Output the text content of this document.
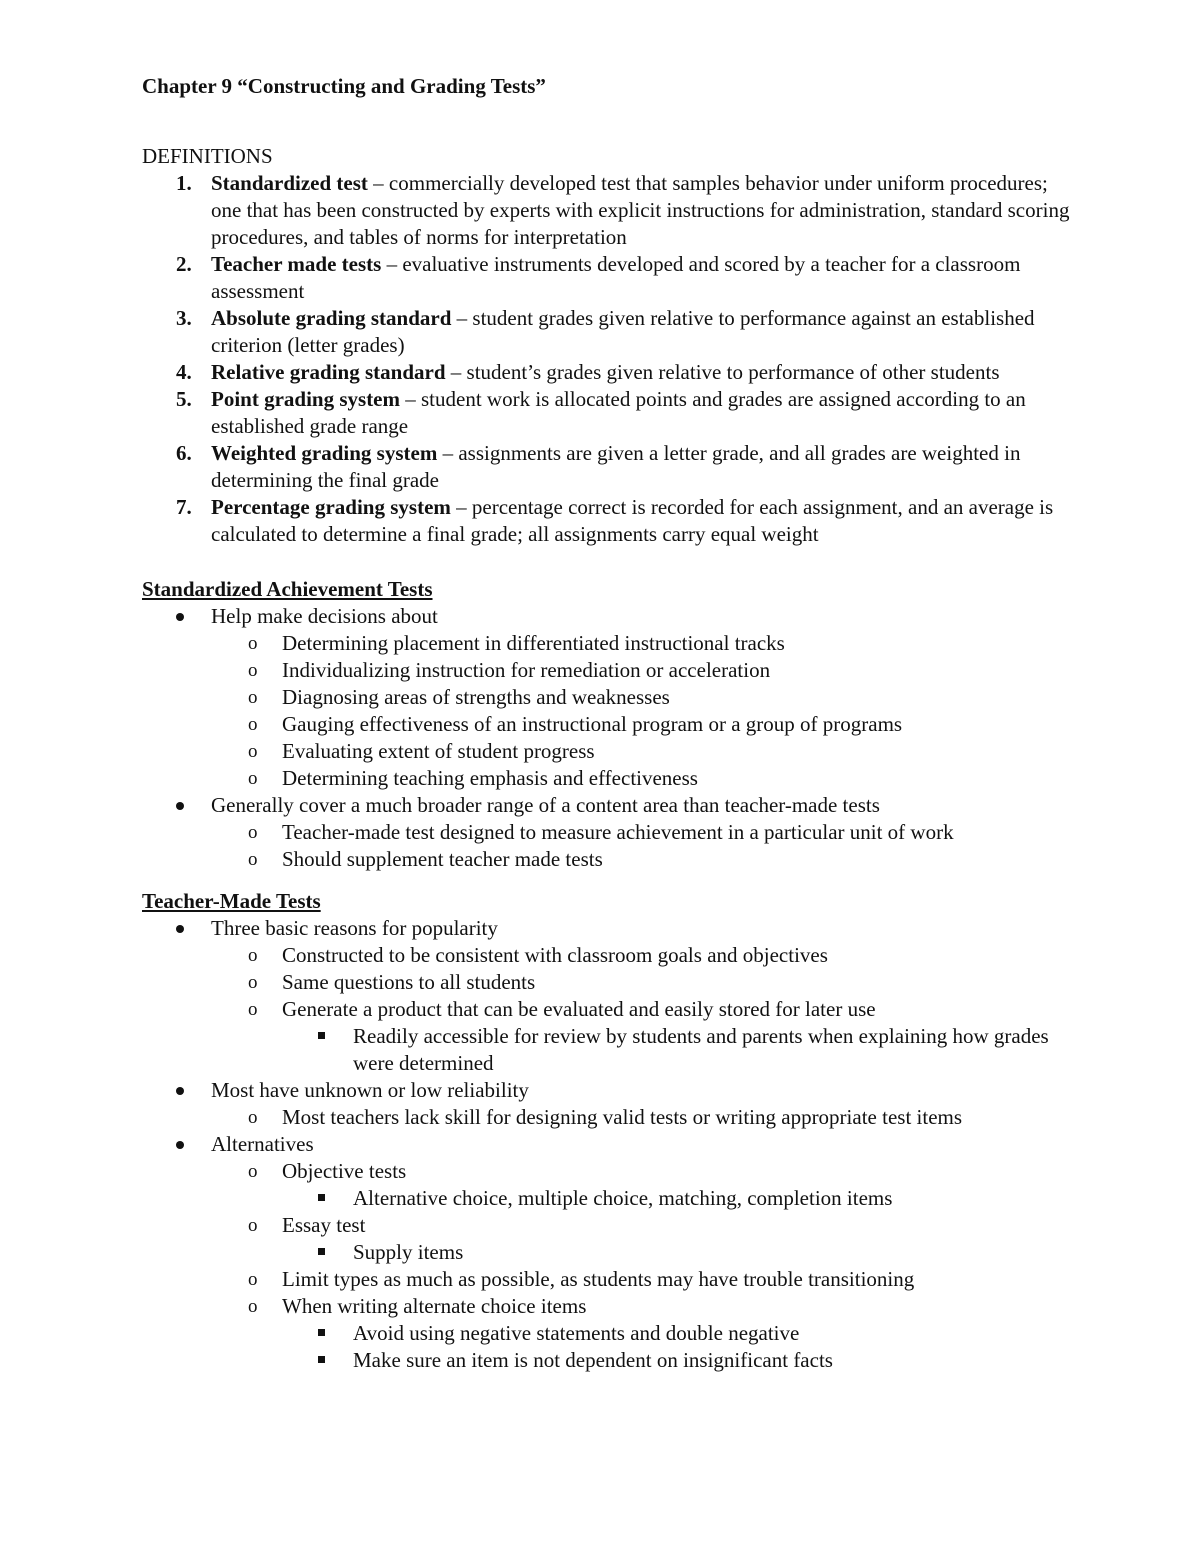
Chapter 9 “Constructing and Grading Tests”
DEFINITIONS
1. Standardized test – commercially developed test that samples behavior under uniform procedures; one that has been constructed by experts with explicit instructions for administration, standard scoring procedures, and tables of norms for interpretation
2. Teacher made tests – evaluative instruments developed and scored by a teacher for a classroom assessment
3. Absolute grading standard – student grades given relative to performance against an established criterion (letter grades)
4. Relative grading standard – student’s grades given relative to performance of other students
5. Point grading system – student work is allocated points and grades are assigned according to an established grade range
6. Weighted grading system – assignments are given a letter grade, and all grades are weighted in determining the final grade
7. Percentage grading system – percentage correct is recorded for each assignment, and an average is calculated to determine a final grade; all assignments carry equal weight
Standardized Achievement Tests
Help make decisions about
o Determining placement in differentiated instructional tracks
o Individualizing instruction for remediation or acceleration
o Diagnosing areas of strengths and weaknesses
o Gauging effectiveness of an instructional program or a group of programs
o Evaluating extent of student progress
o Determining teaching emphasis and effectiveness
Generally cover a much broader range of a content area than teacher-made tests
o Teacher-made test designed to measure achievement in a particular unit of work
o Should supplement teacher made tests
Teacher-Made Tests
Three basic reasons for popularity
o Constructed to be consistent with classroom goals and objectives
o Same questions to all students
o Generate a product that can be evaluated and easily stored for later use
Readily accessible for review by students and parents when explaining how grades were determined
Most have unknown or low reliability
o Most teachers lack skill for designing valid tests or writing appropriate test items
Alternatives
o Objective tests
Alternative choice, multiple choice, matching, completion items
o Essay test
Supply items
o Limit types as much as possible, as students may have trouble transitioning
o When writing alternate choice items
Avoid using negative statements and double negative
Make sure an item is not dependent on insignificant facts
